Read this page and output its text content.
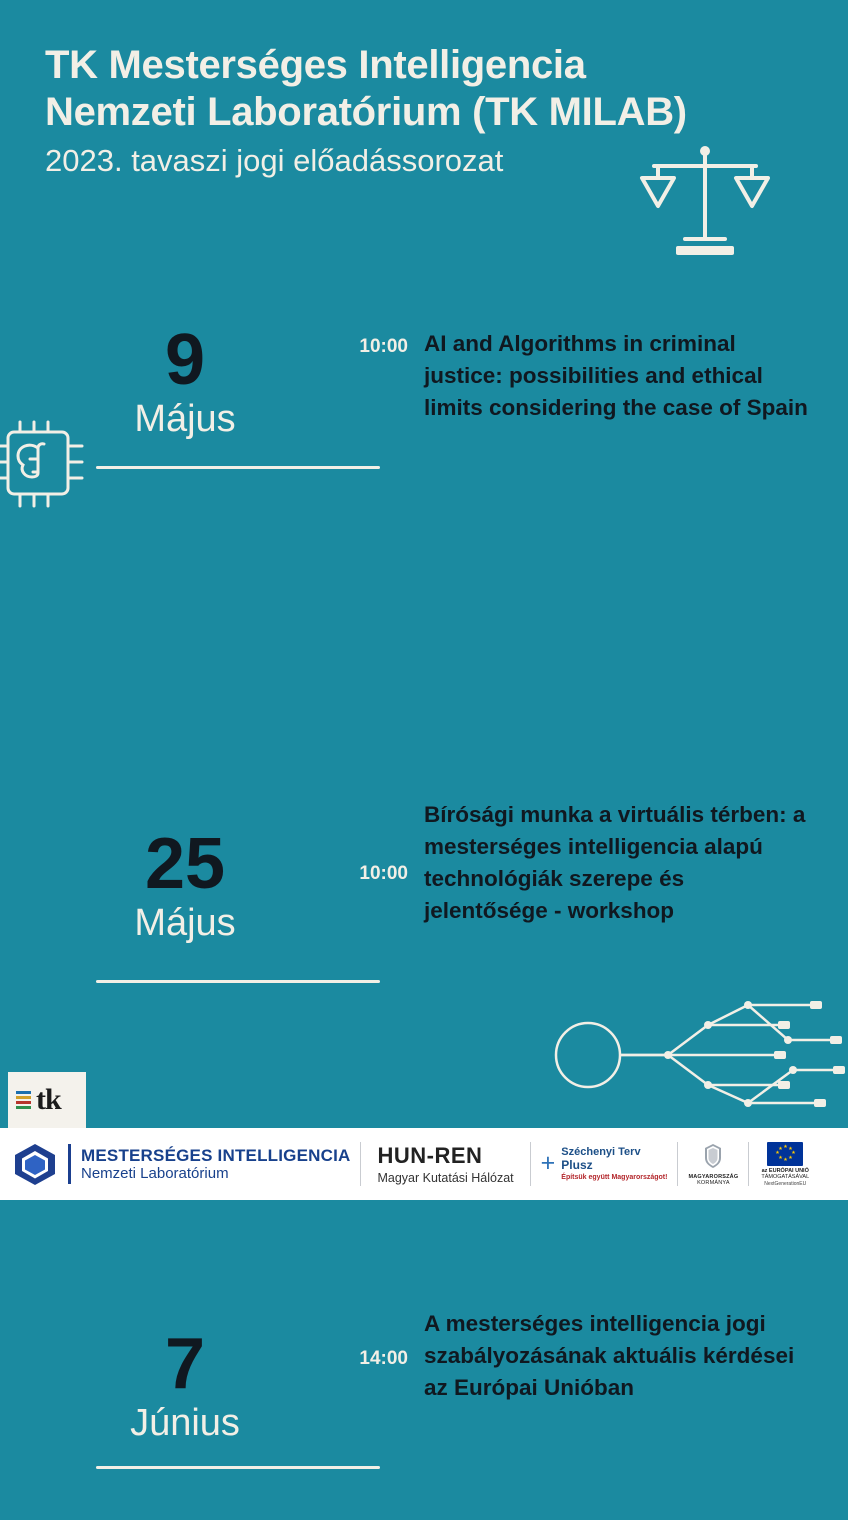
TK Mesterséges Intelligencia Nemzeti Laboratórium (TK MILAB)
2023. tavaszi jogi előadássorozat
9
Május
10:00 AI and Algorithms in criminal justice: possibilities and ethical limits considering the case of Spain
25
Május
10:00
Bírósági munka a virtuális térben: a mesterséges intelligencia alapú technológiák szerepe és jelentősége - workshop
7
Június
14:00
A mesterséges intelligencia jogi szabályozásának aktuális kérdései az Európai Unióban
tk
MESTERSÉGES INTELLIGENCIA
Nemzeti Laboratórium
HUN-REN
Magyar Kutatási Hálózat
+ Széchenyi Terv
Plusz
Építsük együtt Magyarországot!	MAGYARORSZÁG
KORMÁNYA
★ ★
★
★
★
★
★
★
az EURÓPAI UNIÓ
TÁMOGATÁSÁVAL
NextGenerationEU
